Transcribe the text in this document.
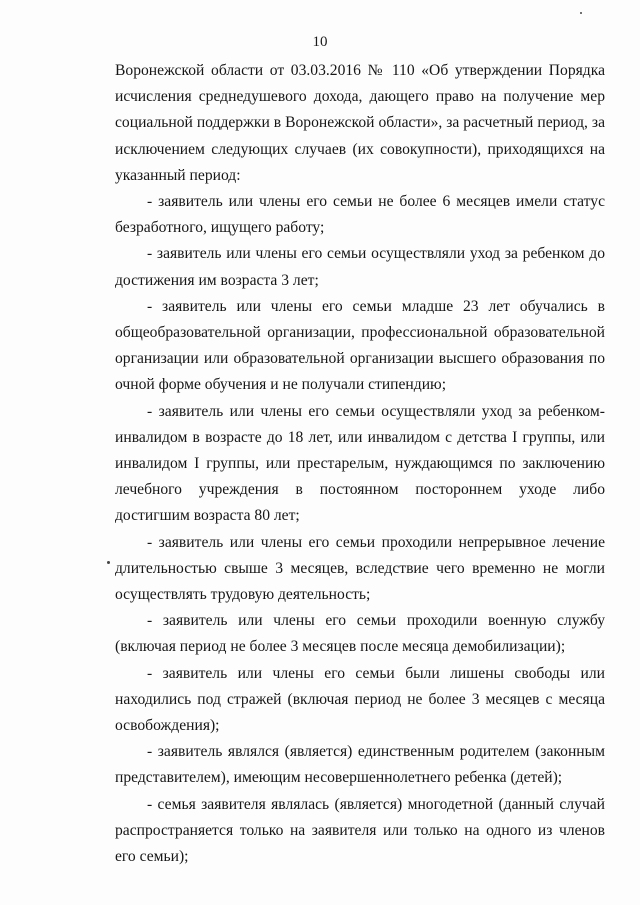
10

Воронежской области от 03.03.2016 № 110 «Об утверждении Порядка исчисления среднедушевого дохода, дающего право на получение мер социальной поддержки в Воронежской области», за расчетный период, за исключением следующих случаев (их совокупности), приходящихся на указанный период:

- заявитель или члены его семьи не более 6 месяцев имели статус безработного, ищущего работу;

- заявитель или члены его семьи осуществляли уход за ребенком до достижения им возраста 3 лет;

- заявитель или члены его семьи младше 23 лет обучались в общеобразовательной организации, профессиональной образовательной организации или образовательной организации высшего образования по очной форме обучения и не получали стипендию;

- заявитель или члены его семьи осуществляли уход за ребенком-инвалидом в возрасте до 18 лет, или инвалидом с детства I группы, или инвалидом I группы, или престарелым, нуждающимся по заключению лечебного учреждения в постоянном постороннем уходе либо достигшим возраста 80 лет;

- заявитель или члены его семьи проходили непрерывное лечение длительностью свыше 3 месяцев, вследствие чего временно не могли осуществлять трудовую деятельность;

- заявитель или члены его семьи проходили военную службу (включая период не более 3 месяцев после месяца демобилизации);

- заявитель или члены его семьи были лишены свободы или находились под стражей (включая период не более 3 месяцев с месяца освобождения);

- заявитель являлся (является) единственным родителем (законным представителем), имеющим несовершеннолетнего ребенка (детей);

- семья заявителя являлась (является) многодетной (данный случай распространяется только на заявителя или только на одного из членов его семьи);
